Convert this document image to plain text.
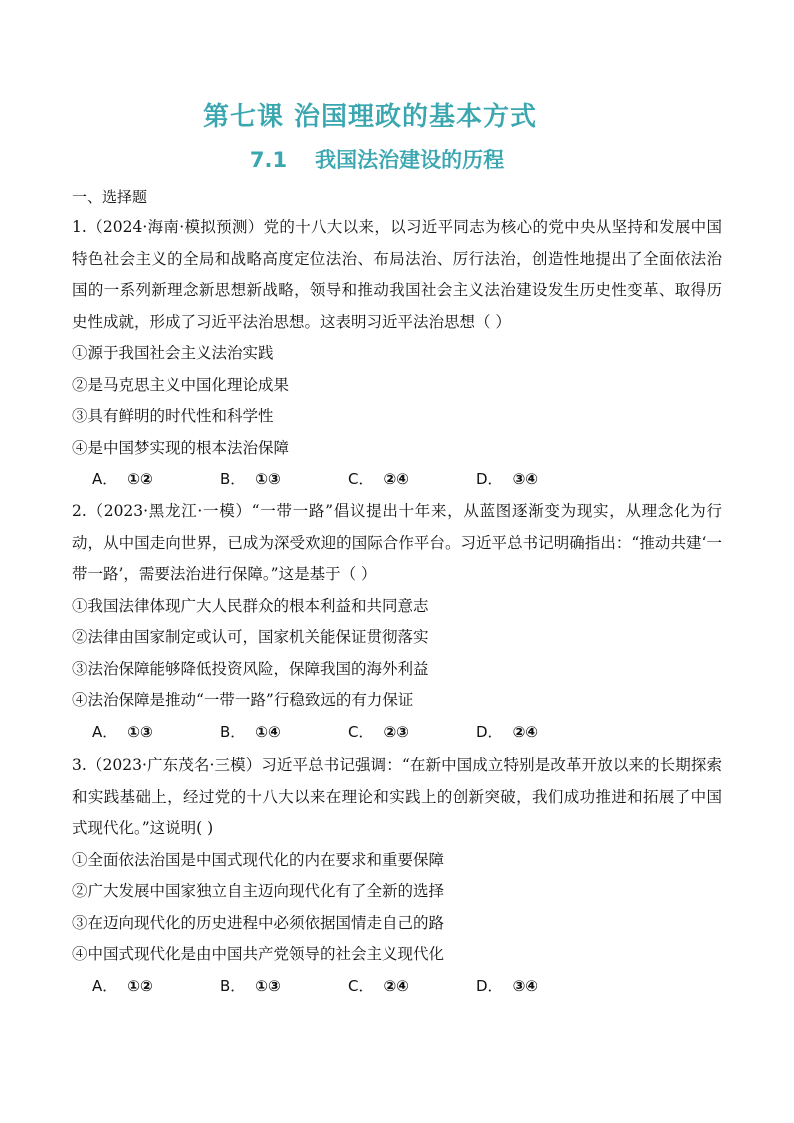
第七课 治国理政的基本方式
7.1 我国法治建设的历程
一、选择题

1.（2024·海南·模拟预测）党的十八大以来，以习近平同志为核心的党中央从坚持和发展中国特色社会主义的全局和战略高度定位法治、布局法治、厉行法治，创造性地提出了全面依法治国的一系列新理念新思想新战略，领导和推动我国社会主义法治建设发生历史性变革、取得历史性成就，形成了习近平法治思想。这表明习近平法治思想（ ）

①源于我国社会主义法治实践

②是马克思主义中国化理论成果

③具有鲜明的时代性和科学性

④是中国梦实现的根本法治保障

A． ①②	B． ①③	C． ②④	D． ③④

2.（2023·黑龙江·一模）“一带一路”倡议提出十年来，从蓝图逐渐变为现实，从理念化为行动，从中国走向世界，已成为深受欢迎的国际合作平台。习近平总书记明确指出：“推动共建‘一带一路’，需要法治进行保障。”这是基于（ ）

①我国法律体现广大人民群众的根本利益和共同意志

②法律由国家制定或认可，国家机关能保证贯彻落实

③法治保障能够降低投资风险，保障我国的海外利益

④法治保障是推动“一带一路”行稳致远的有力保证

A． ①③	B． ①④	C． ②③	D． ②④

3.（2023·广东茂名·三模）习近平总书记强调：“在新中国成立特别是改革开放以来的长期探索和实践基础上，经过党的十八大以来在理论和实践上的创新突破，我们成功推进和拓展了中国式现代化。”这说明( )

①全面依法治国是中国式现代化的内在要求和重要保障

②广大发展中国家独立自主迈向现代化有了全新的选择

③在迈向现代化的历史进程中必须依据国情走自己的路

④中国式现代化是由中国共产党领导的社会主义现代化

A． ①②	B． ①③	C． ②④	D． ③④
